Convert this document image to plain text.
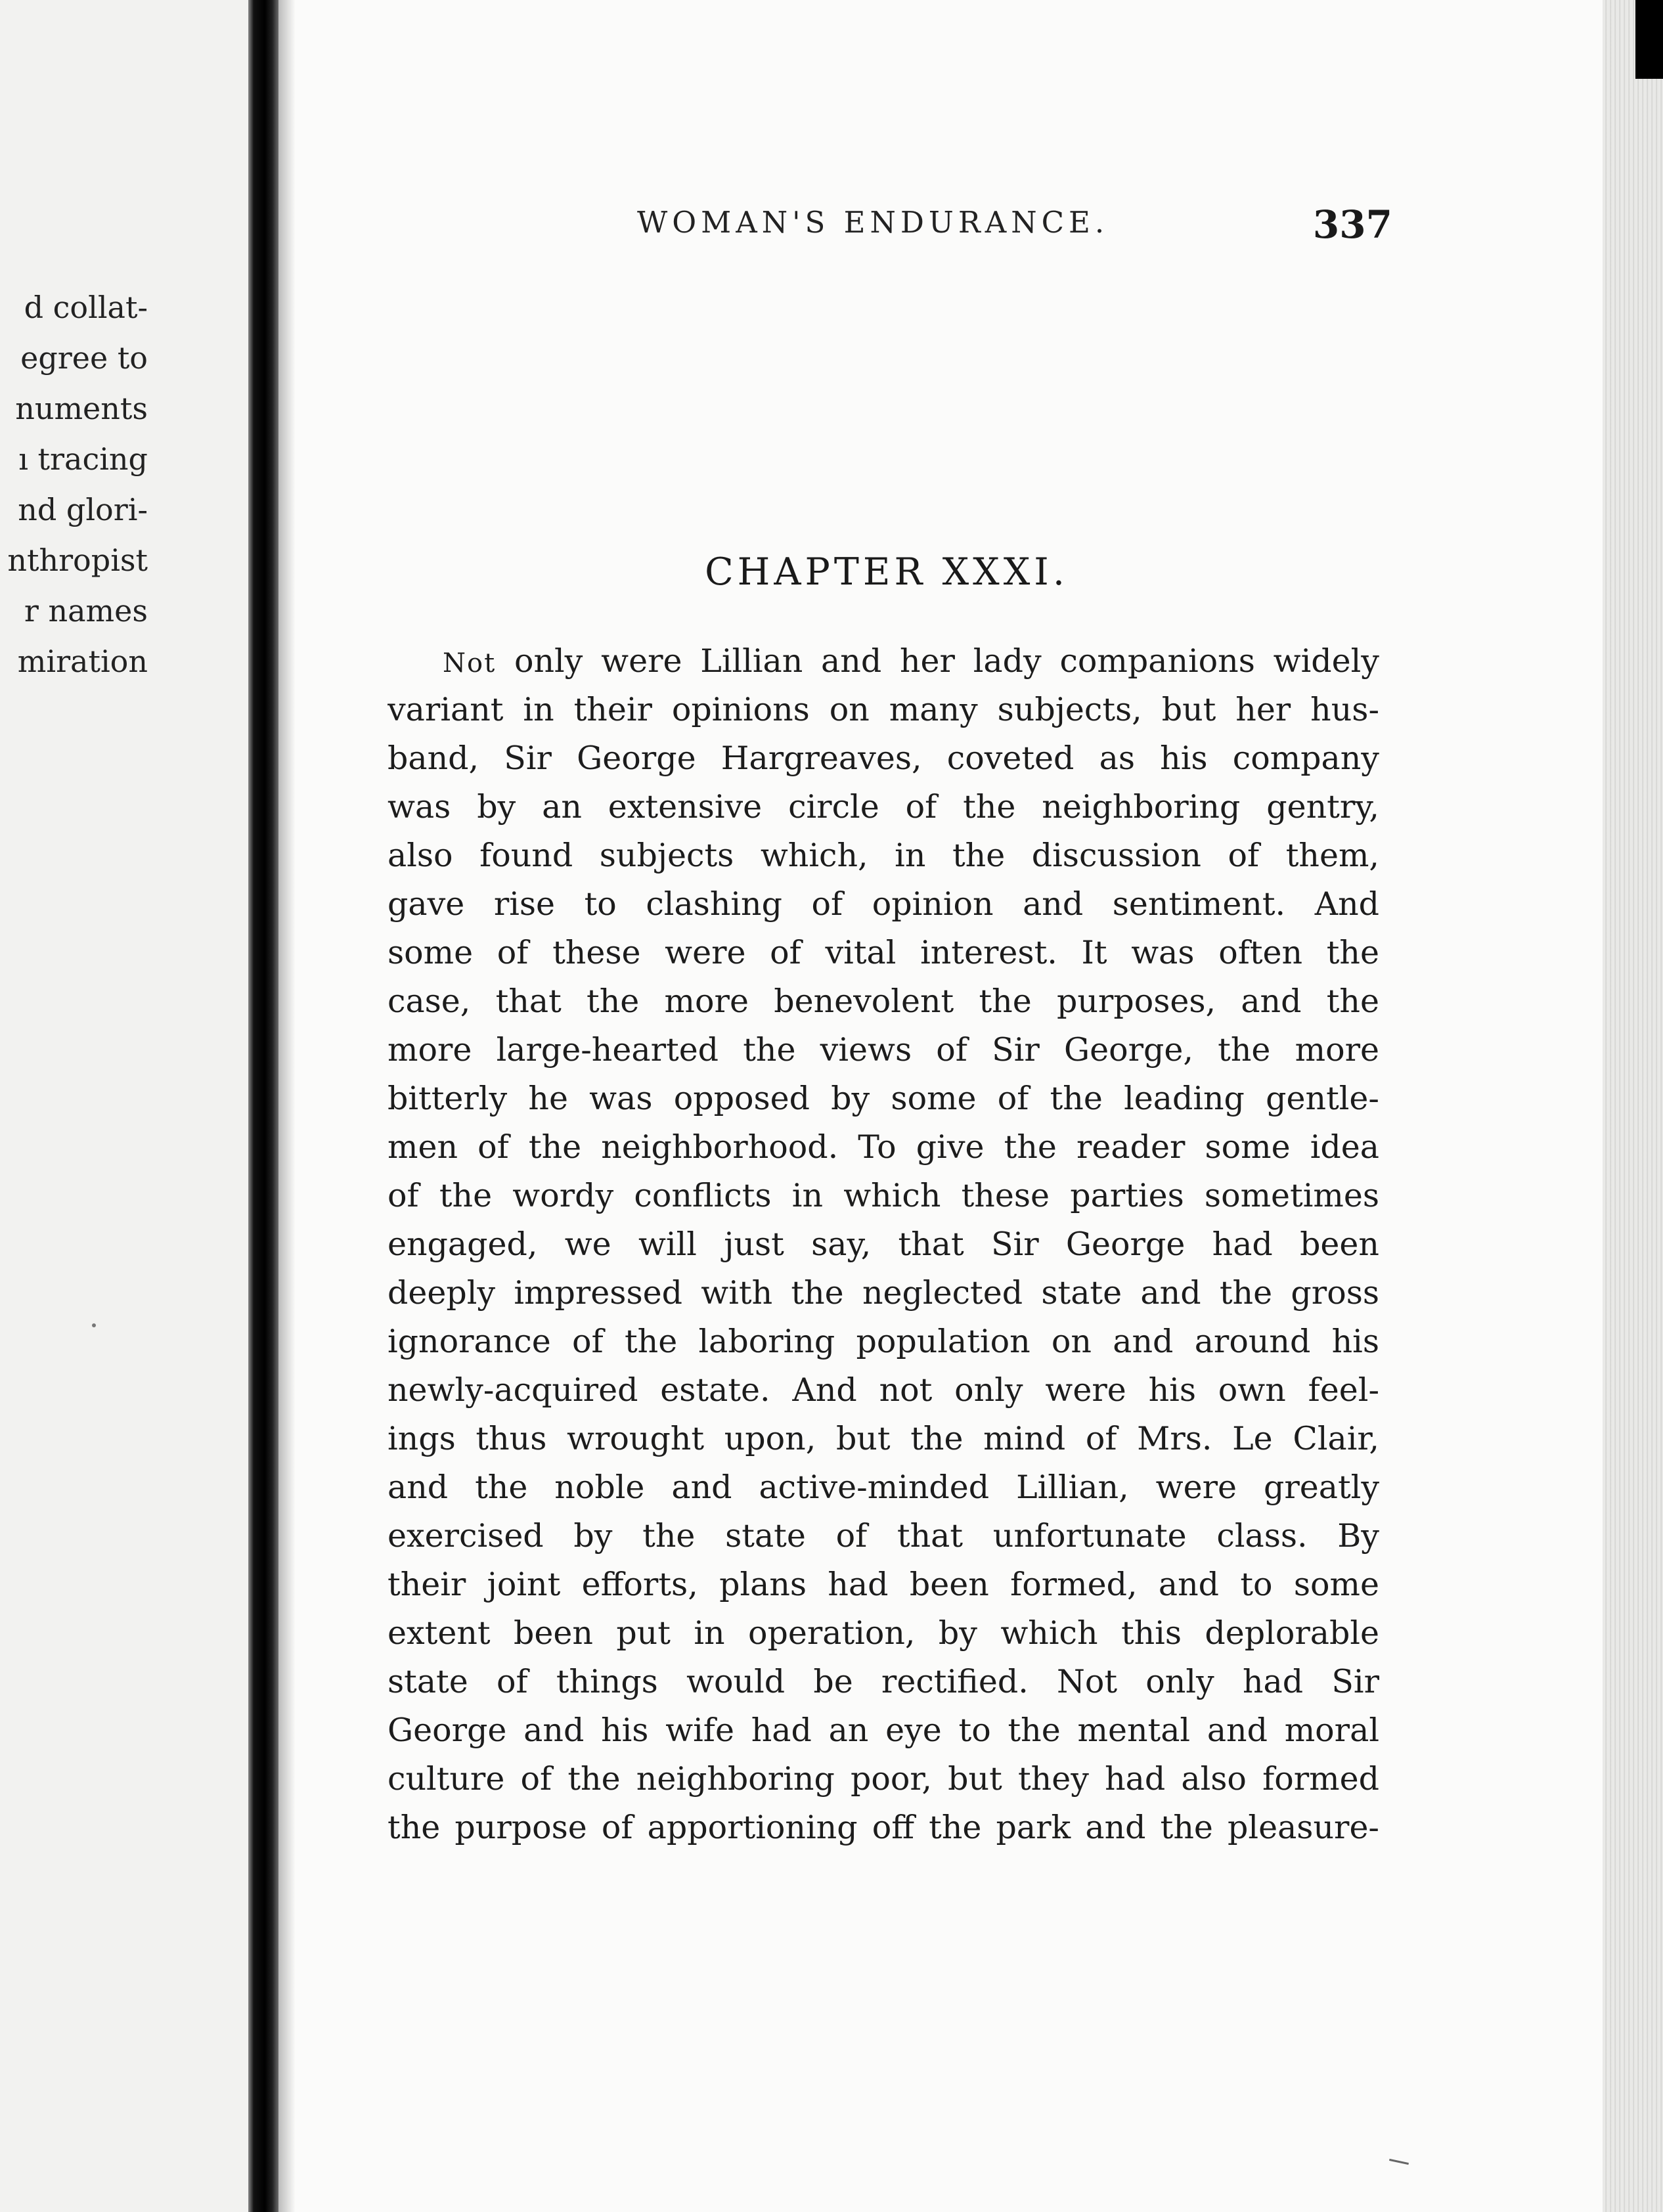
d collat-
egree to
numents
ı tracing
nd glori-
nthropist
r names
miration
WOMAN'S ENDURANCE.	337
CHAPTER XXXI.
Not only were Lillian and her lady companions widely
variant in their opinions on many subjects, but her hus-
band, Sir George Hargreaves, coveted as his company
was by an extensive circle of the neighboring gentry,
also found subjects which, in the discussion of them,
gave rise to clashing of opinion and sentiment. And
some of these were of vital interest. It was often the
case, that the more benevolent the purposes, and the
more large-hearted the views of Sir George, the more
bitterly he was opposed by some of the leading gentle-
men of the neighborhood. To give the reader some idea
of the wordy conflicts in which these parties sometimes
engaged, we will just say, that Sir George had been
deeply impressed with the neglected state and the gross
ignorance of the laboring population on and around his
newly-acquired estate. And not only were his own feel-
ings thus wrought upon, but the mind of Mrs. Le Clair,
and the noble and active-minded Lillian, were greatly
exercised by the state of that unfortunate class. By
their joint efforts, plans had been formed, and to some
extent been put in operation, by which this deplorable
state of things would be rectified. Not only had Sir
George and his wife had an eye to the mental and moral
culture of the neighboring poor, but they had also formed
the purpose of apportioning off the park and the pleasure-
